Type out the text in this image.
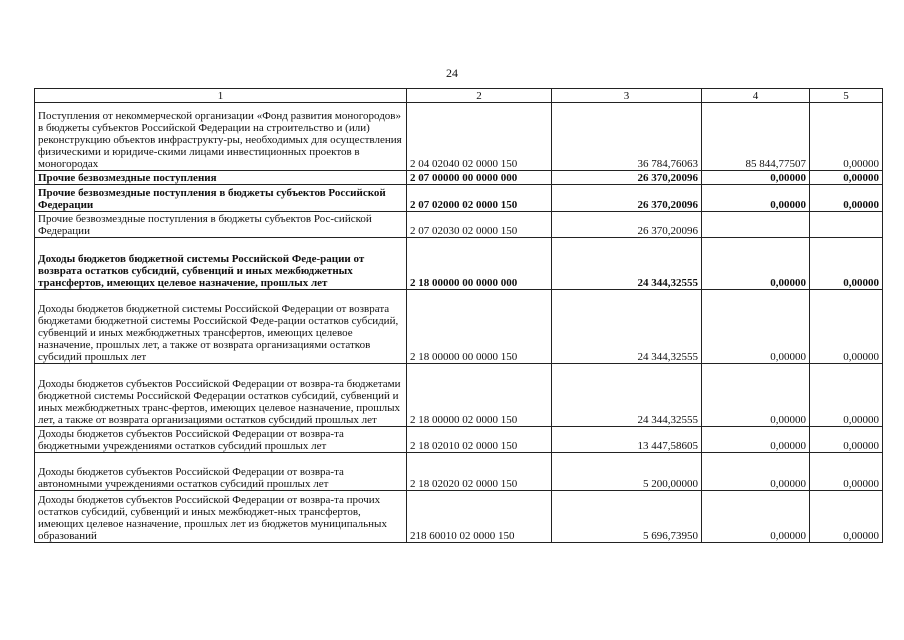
24
1	2	3	4	5
Поступления от некоммерческой организации «Фонд развития моногородов» в бюджеты субъектов Российской Федерации на строительство и (или) реконструкцию объектов инфраструкту-ры, необходимых для осуществления физическими и юридиче-скими лицами инвестиционных проектов в моногородах	2 04 02040 02 0000 150	36 784,76063	85 844,77507	0,00000
Прочие безвозмездные поступления	2 07 00000 00 0000 000	26 370,20096	0,00000	0,00000
Прочие безвозмездные поступления в бюджеты субъектов Российской Федерации	2 07 02000 02 0000 150	26 370,20096	0,00000	0,00000
Прочие безвозмездные поступления в бюджеты субъектов Рос-сийской Федерации	2 07 02030 02 0000 150	26 370,20096		
Доходы бюджетов бюджетной системы Российской Феде-рации от возврата остатков субсидий, субвенций и иных межбюджетных трансфертов, имеющих целевое назначение, прошлых лет	2 18 00000 00 0000 000	24 344,32555	0,00000	0,00000
Доходы бюджетов бюджетной системы Российской Федерации от возврата бюджетами бюджетной системы Российской Феде-рации остатков субсидий, субвенций и иных межбюджетных трансфертов, имеющих целевое назначение, прошлых лет, а также от возврата организациями остатков субсидий прошлых лет	2 18 00000 00 0000 150	24 344,32555	0,00000	0,00000
Доходы бюджетов субъектов Российской Федерации от возвра-та бюджетами бюджетной системы Российской Федерации остатков субсидий, субвенций и иных межбюджетных транс-фертов, имеющих целевое назначение, прошлых лет, а также от возврата организациями остатков субсидий прошлых лет	2 18 00000 02 0000 150	24 344,32555	0,00000	0,00000
Доходы бюджетов субъектов Российской Федерации от возвра-та бюджетными учреждениями остатков субсидий прошлых лет	2 18 02010 02 0000 150	13 447,58605	0,00000	0,00000
Доходы бюджетов субъектов Российской Федерации от возвра-та автономными учреждениями остатков субсидий прошлых лет	2 18 02020 02 0000 150	5 200,00000	0,00000	0,00000
Доходы бюджетов субъектов Российской Федерации от возвра-та прочих остатков субсидий, субвенций и иных межбюджет-ных трансфертов, имеющих целевое назначение, прошлых лет из бюджетов муниципальных образований	218 60010 02 0000 150	5 696,73950	0,00000	0,00000
